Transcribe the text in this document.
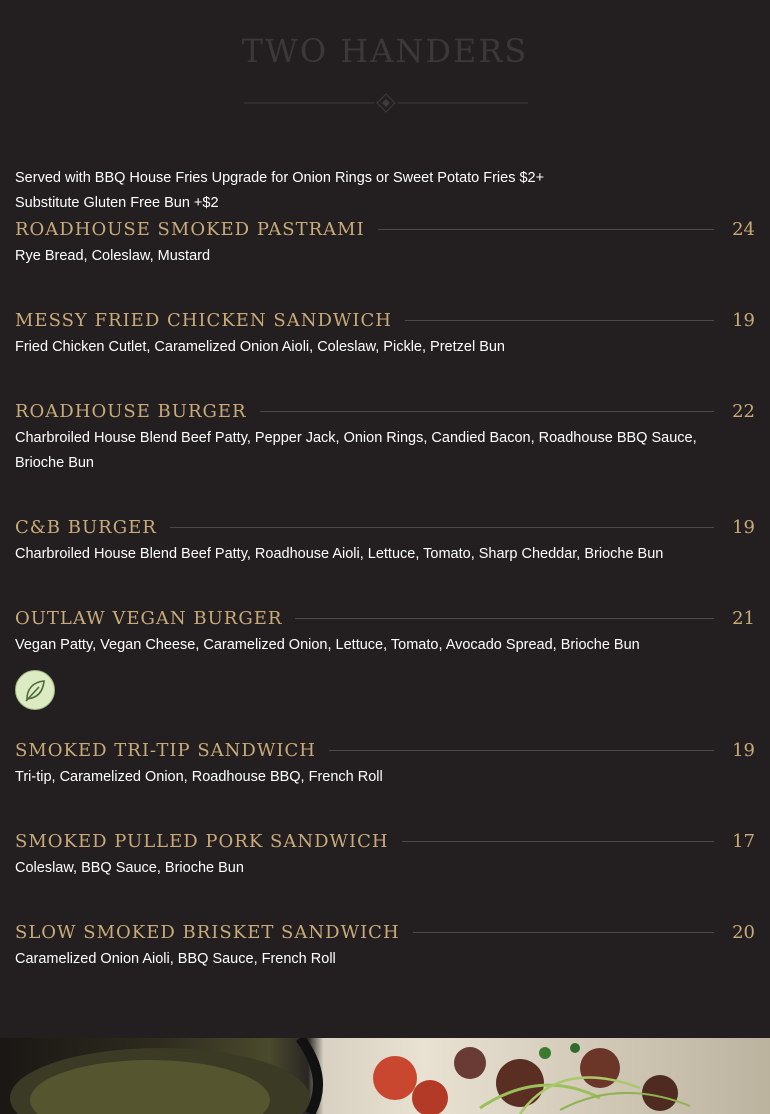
TWO HANDERS
Served with BBQ House Fries Upgrade for Onion Rings or Sweet Potato Fries $2+
Substitute Gluten Free Bun +$2
ROADHOUSE SMOKED PASTRAMI	24
Rye Bread, Coleslaw, Mustard
MESSY FRIED CHICKEN SANDWICH	19
Fried Chicken Cutlet, Caramelized Onion Aioli, Coleslaw, Pickle, Pretzel Bun
ROADHOUSE BURGER	22
Charbroiled House Blend Beef Patty, Pepper Jack, Onion Rings, Candied Bacon, Roadhouse BBQ Sauce, Brioche Bun
C&B BURGER	19
Charbroiled House Blend Beef Patty, Roadhouse Aioli, Lettuce, Tomato, Sharp Cheddar, Brioche Bun
OUTLAW VEGAN BURGER	21
Vegan Patty, Vegan Cheese, Caramelized Onion, Lettuce, Tomato, Avocado Spread, Brioche Bun
SMOKED TRI-TIP SANDWICH	19
Tri-tip, Caramelized Onion, Roadhouse BBQ, French Roll
SMOKED PULLED PORK SANDWICH	17
Coleslaw, BBQ Sauce, Brioche Bun
SLOW SMOKED BRISKET SANDWICH	20
Caramelized Onion Aioli, BBQ Sauce, French Roll
